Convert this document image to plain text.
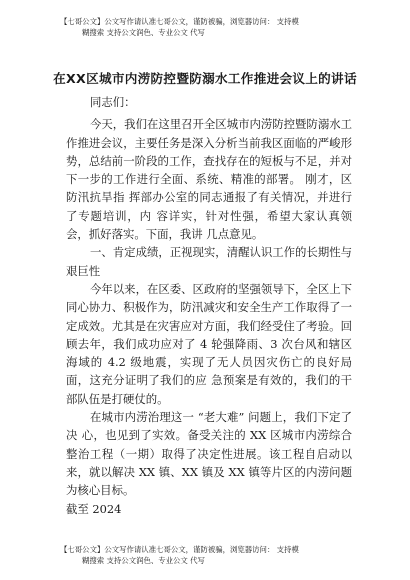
【七哥公文】公文写作请认准七哥公文，谨防被骗，浏览器访问： 支持模
糊搜索 支持公文润色、专业公文 代写
在XX区城市内涝防控暨防溺水工作推进会议上的讲话

同志们：

今天，我们在这里召开全区城市内涝防控暨防溺水工作推进会议，主要任务是深入分析当前我区面临的严峻形势，总结前一阶段的工作，查找存在的短板与不足，并对下一步的工作进行全面、系统、精准的部署。 刚才，区防汛抗旱指 挥部办公室的同志通报了有关情况，并进行了专题培训，内 容详实，针对性强，希望大家认真领会，抓好落实。下面，我讲 几点意见。

一、肯定成绩，正视现实，清醒认识工作的长期性与艰巨性

今年以来，在区委、区政府的坚强领导下，全区上下同心协力、积极作为，防汛减灾和安全生产工作取得了一定成效。尤其是在灾害应对方面，我们经受住了考验。回顾去年，我们成功应对了 4 轮强降雨、3 次台风和辖区海域的 4.2 级地震，实现了无人员因灾伤亡的良好局面，这充分证明了我们的应 急预案是有效的，我们的干部队伍是打硬仗的。

在城市内涝治理这一 “老大难” 问题上，我们下定了决 心，也见到了实效。备受关注的 XX 区城市内涝综合整治工程（一期）取得了决定性进展。该工程自启动以来，就以解决 XX 镇、XX 镇及 XX 镇等片区的内涝问题为核心目标。

截至 2024

【七哥公文】公文写作请认准七哥公文，谨防被骗，浏览器访问： 支持模
糊搜索 支持公文润色、专业公文 代写
